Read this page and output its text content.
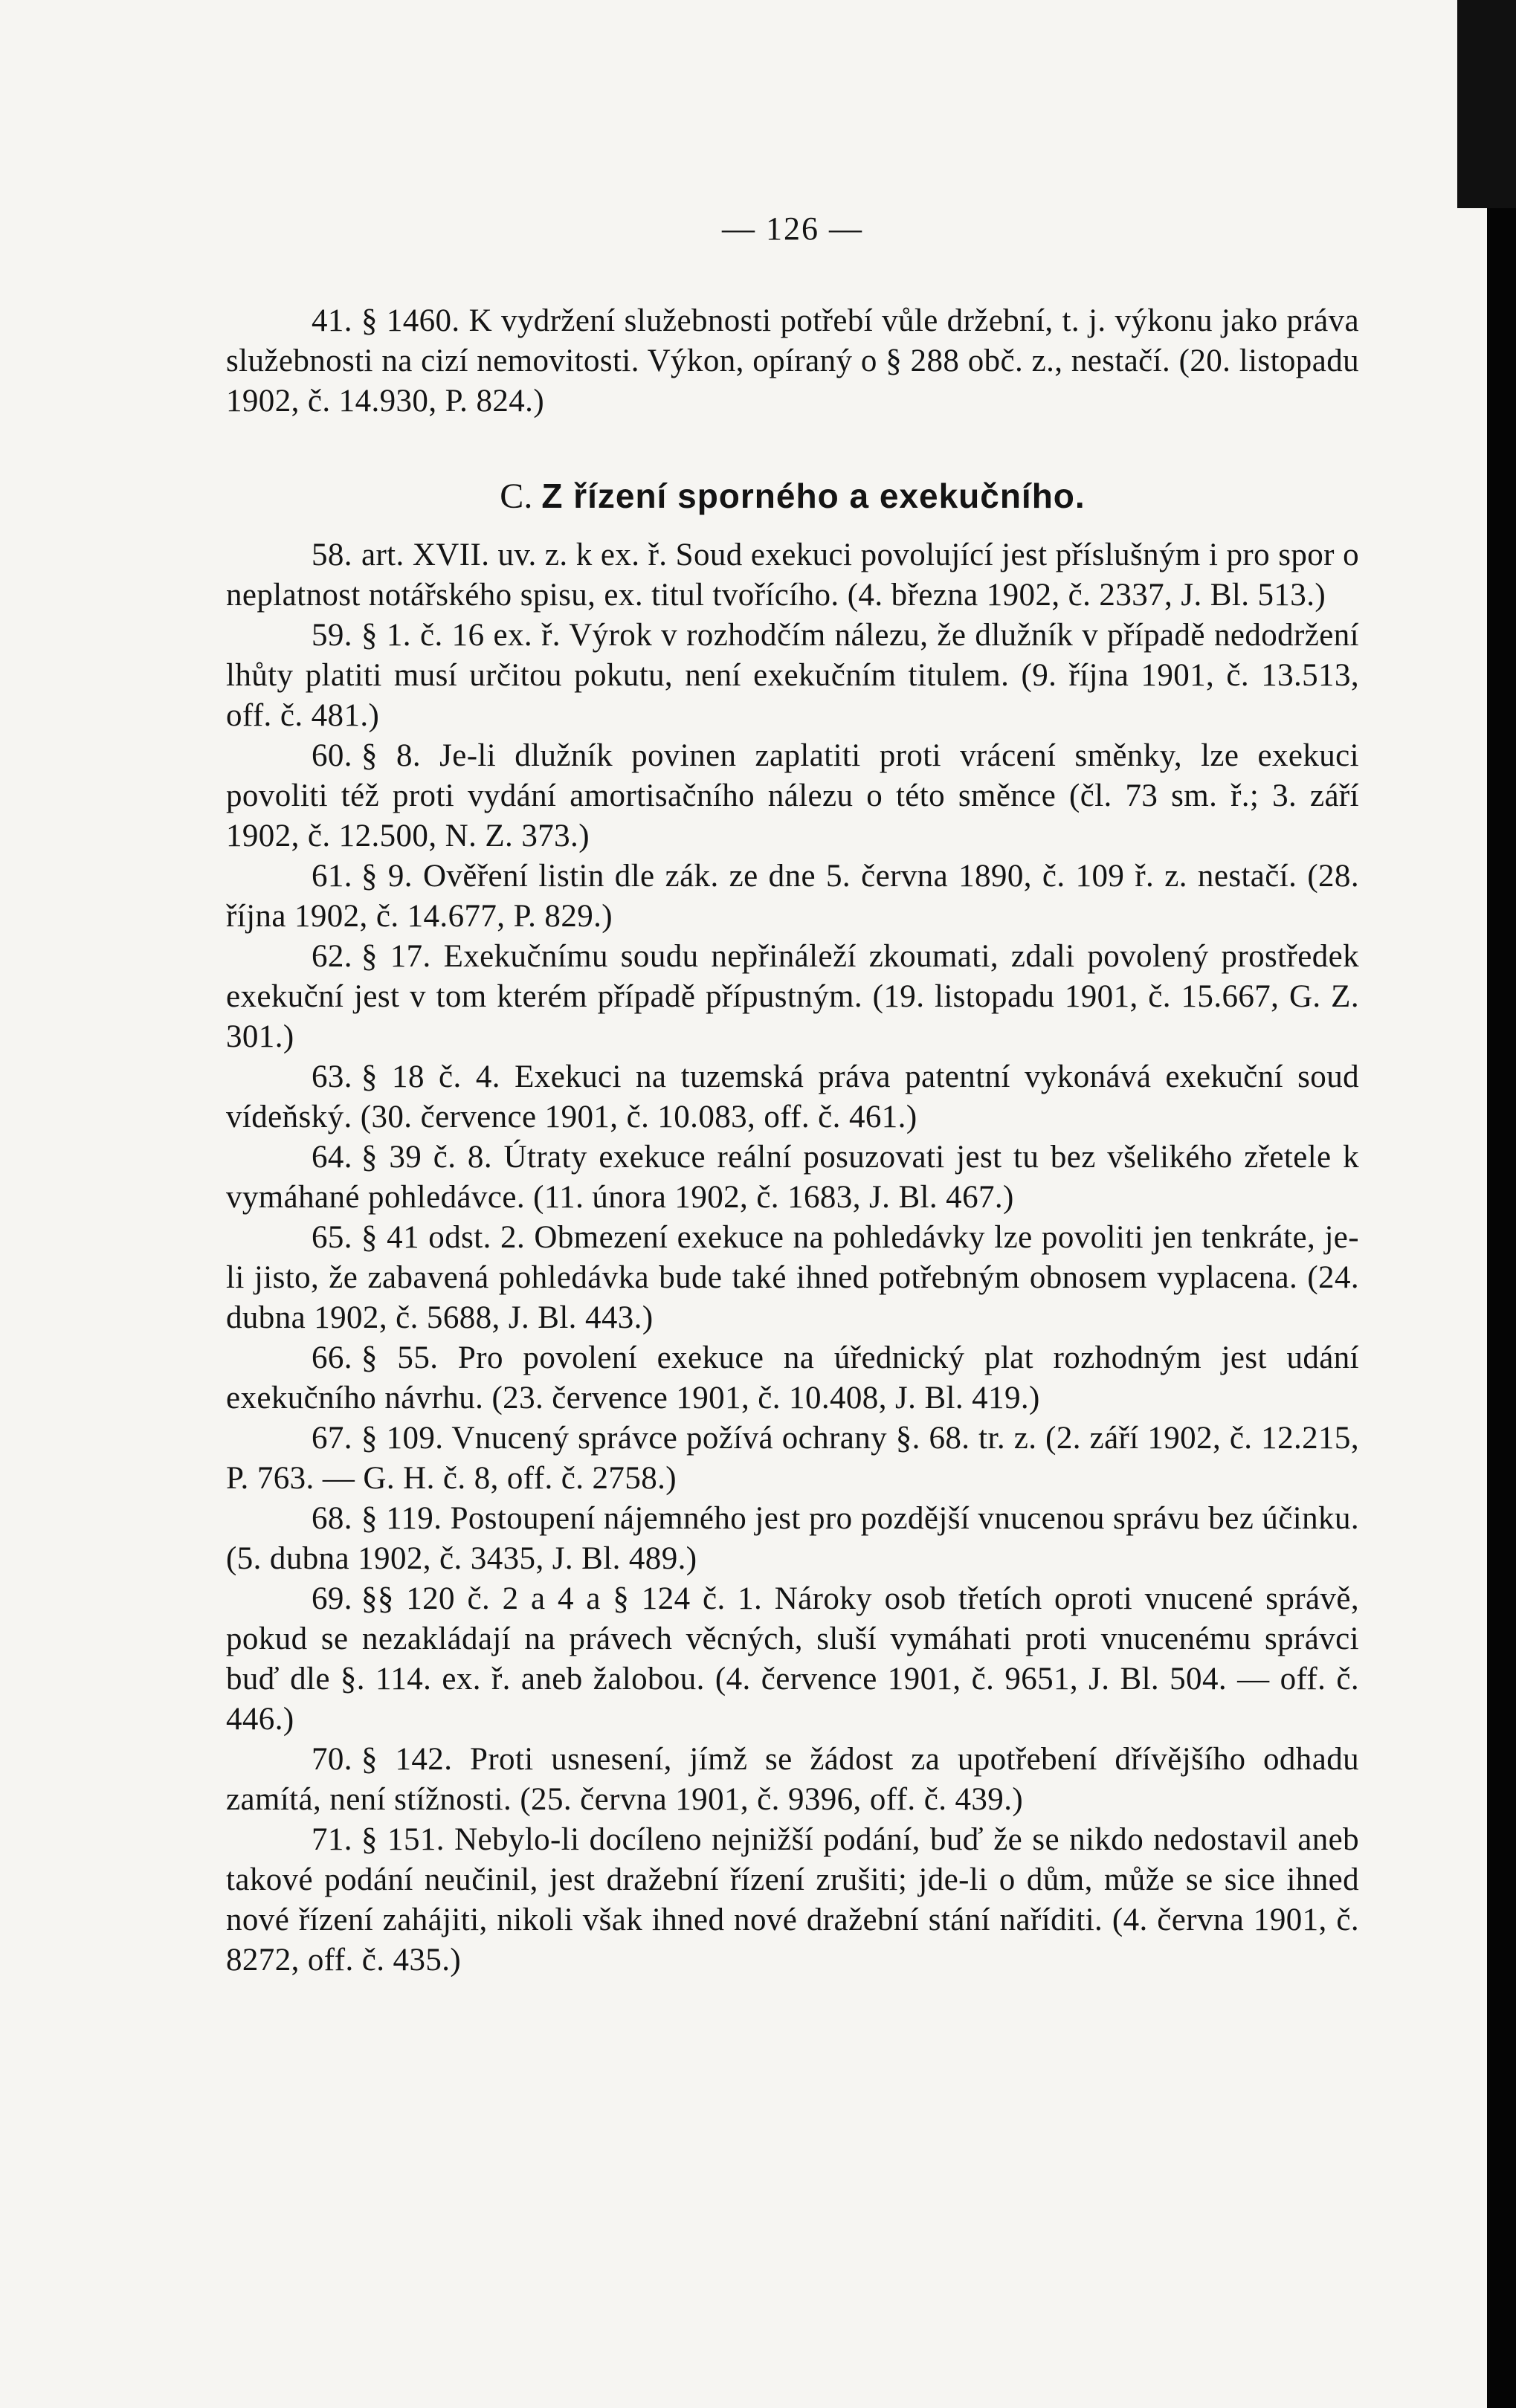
— 126 —

41. § 1460. K vydržení služebnosti potřebí vůle držební, t. j. výkonu jako práva služebnosti na cizí nemovitosti. Výkon, opíraný o § 288 obč. z., nestačí. (20. listopadu 1902, č. 14.930, P. 824.)

C. Z řízení sporného a exekučního.

58. art. XVII. uv. z. k ex. ř. Soud exekuci povolující jest příslušným i pro spor o neplatnost notářského spisu, ex. titul tvořícího. (4. března 1902, č. 2337, J. Bl. 513.)

59. § 1. č. 16 ex. ř. Výrok v rozhodčím nálezu, že dlužník v případě nedodržení lhůty platiti musí určitou pokutu, není exekučním titulem. (9. října 1901, č. 13.513, off. č. 481.)

60. § 8. Je-li dlužník povinen zaplatiti proti vrácení směnky, lze exekuci povoliti též proti vydání amortisačního nálezu o této směnce (čl. 73 sm. ř.; 3. září 1902, č. 12.500, N. Z. 373.)

61. § 9. Ověření listin dle zák. ze dne 5. června 1890, č. 109 ř. z. nestačí. (28. října 1902, č. 14.677, P. 829.)

62. § 17. Exekučnímu soudu nepřináleží zkoumati, zdali povolený prostředek exekuční jest v tom kterém případě přípustným. (19. listopadu 1901, č. 15.667, G. Z. 301.)

63. § 18 č. 4. Exekuci na tuzemská práva patentní vykonává exekuční soud vídeňský. (30. července 1901, č. 10.083, off. č. 461.)

64. § 39 č. 8. Útraty exekuce reální posuzovati jest tu bez všelikého zřetele k vymáhané pohledávce. (11. února 1902, č. 1683, J. Bl. 467.)

65. § 41 odst. 2. Obmezení exekuce na pohledávky lze povoliti jen tenkráte, je-li jisto, že zabavená pohledávka bude také ihned potřebným obnosem vyplacena. (24. dubna 1902, č. 5688, J. Bl. 443.)

66. § 55. Pro povolení exekuce na úřednický plat rozhodným jest udání exekučního návrhu. (23. července 1901, č. 10.408, J. Bl. 419.)

67. § 109. Vnucený správce požívá ochrany §. 68. tr. z. (2. září 1902, č. 12.215, P. 763. — G. H. č. 8, off. č. 2758.)

68. § 119. Postoupení nájemného jest pro pozdější vnucenou správu bez účinku. (5. dubna 1902, č. 3435, J. Bl. 489.)

69. §§ 120 č. 2 a 4 a § 124 č. 1. Nároky osob třetích oproti vnucené správě, pokud se nezakládají na právech věcných, sluší vymáhati proti vnucenému správci buď dle §. 114. ex. ř. aneb žalobou. (4. července 1901, č. 9651, J. Bl. 504. — off. č. 446.)

70. § 142. Proti usnesení, jímž se žádost za upotřebení dřívějšího odhadu zamítá, není stížnosti. (25. června 1901, č. 9396, off. č. 439.)

71. § 151. Nebylo-li docíleno nejnižší podání, buď že se nikdo nedostavil aneb takové podání neučinil, jest dražební řízení zrušiti; jde-li o dům, může se sice ihned nové řízení zahájiti, nikoli však ihned nové dražební stání naříditi. (4. června 1901, č. 8272, off. č. 435.)
